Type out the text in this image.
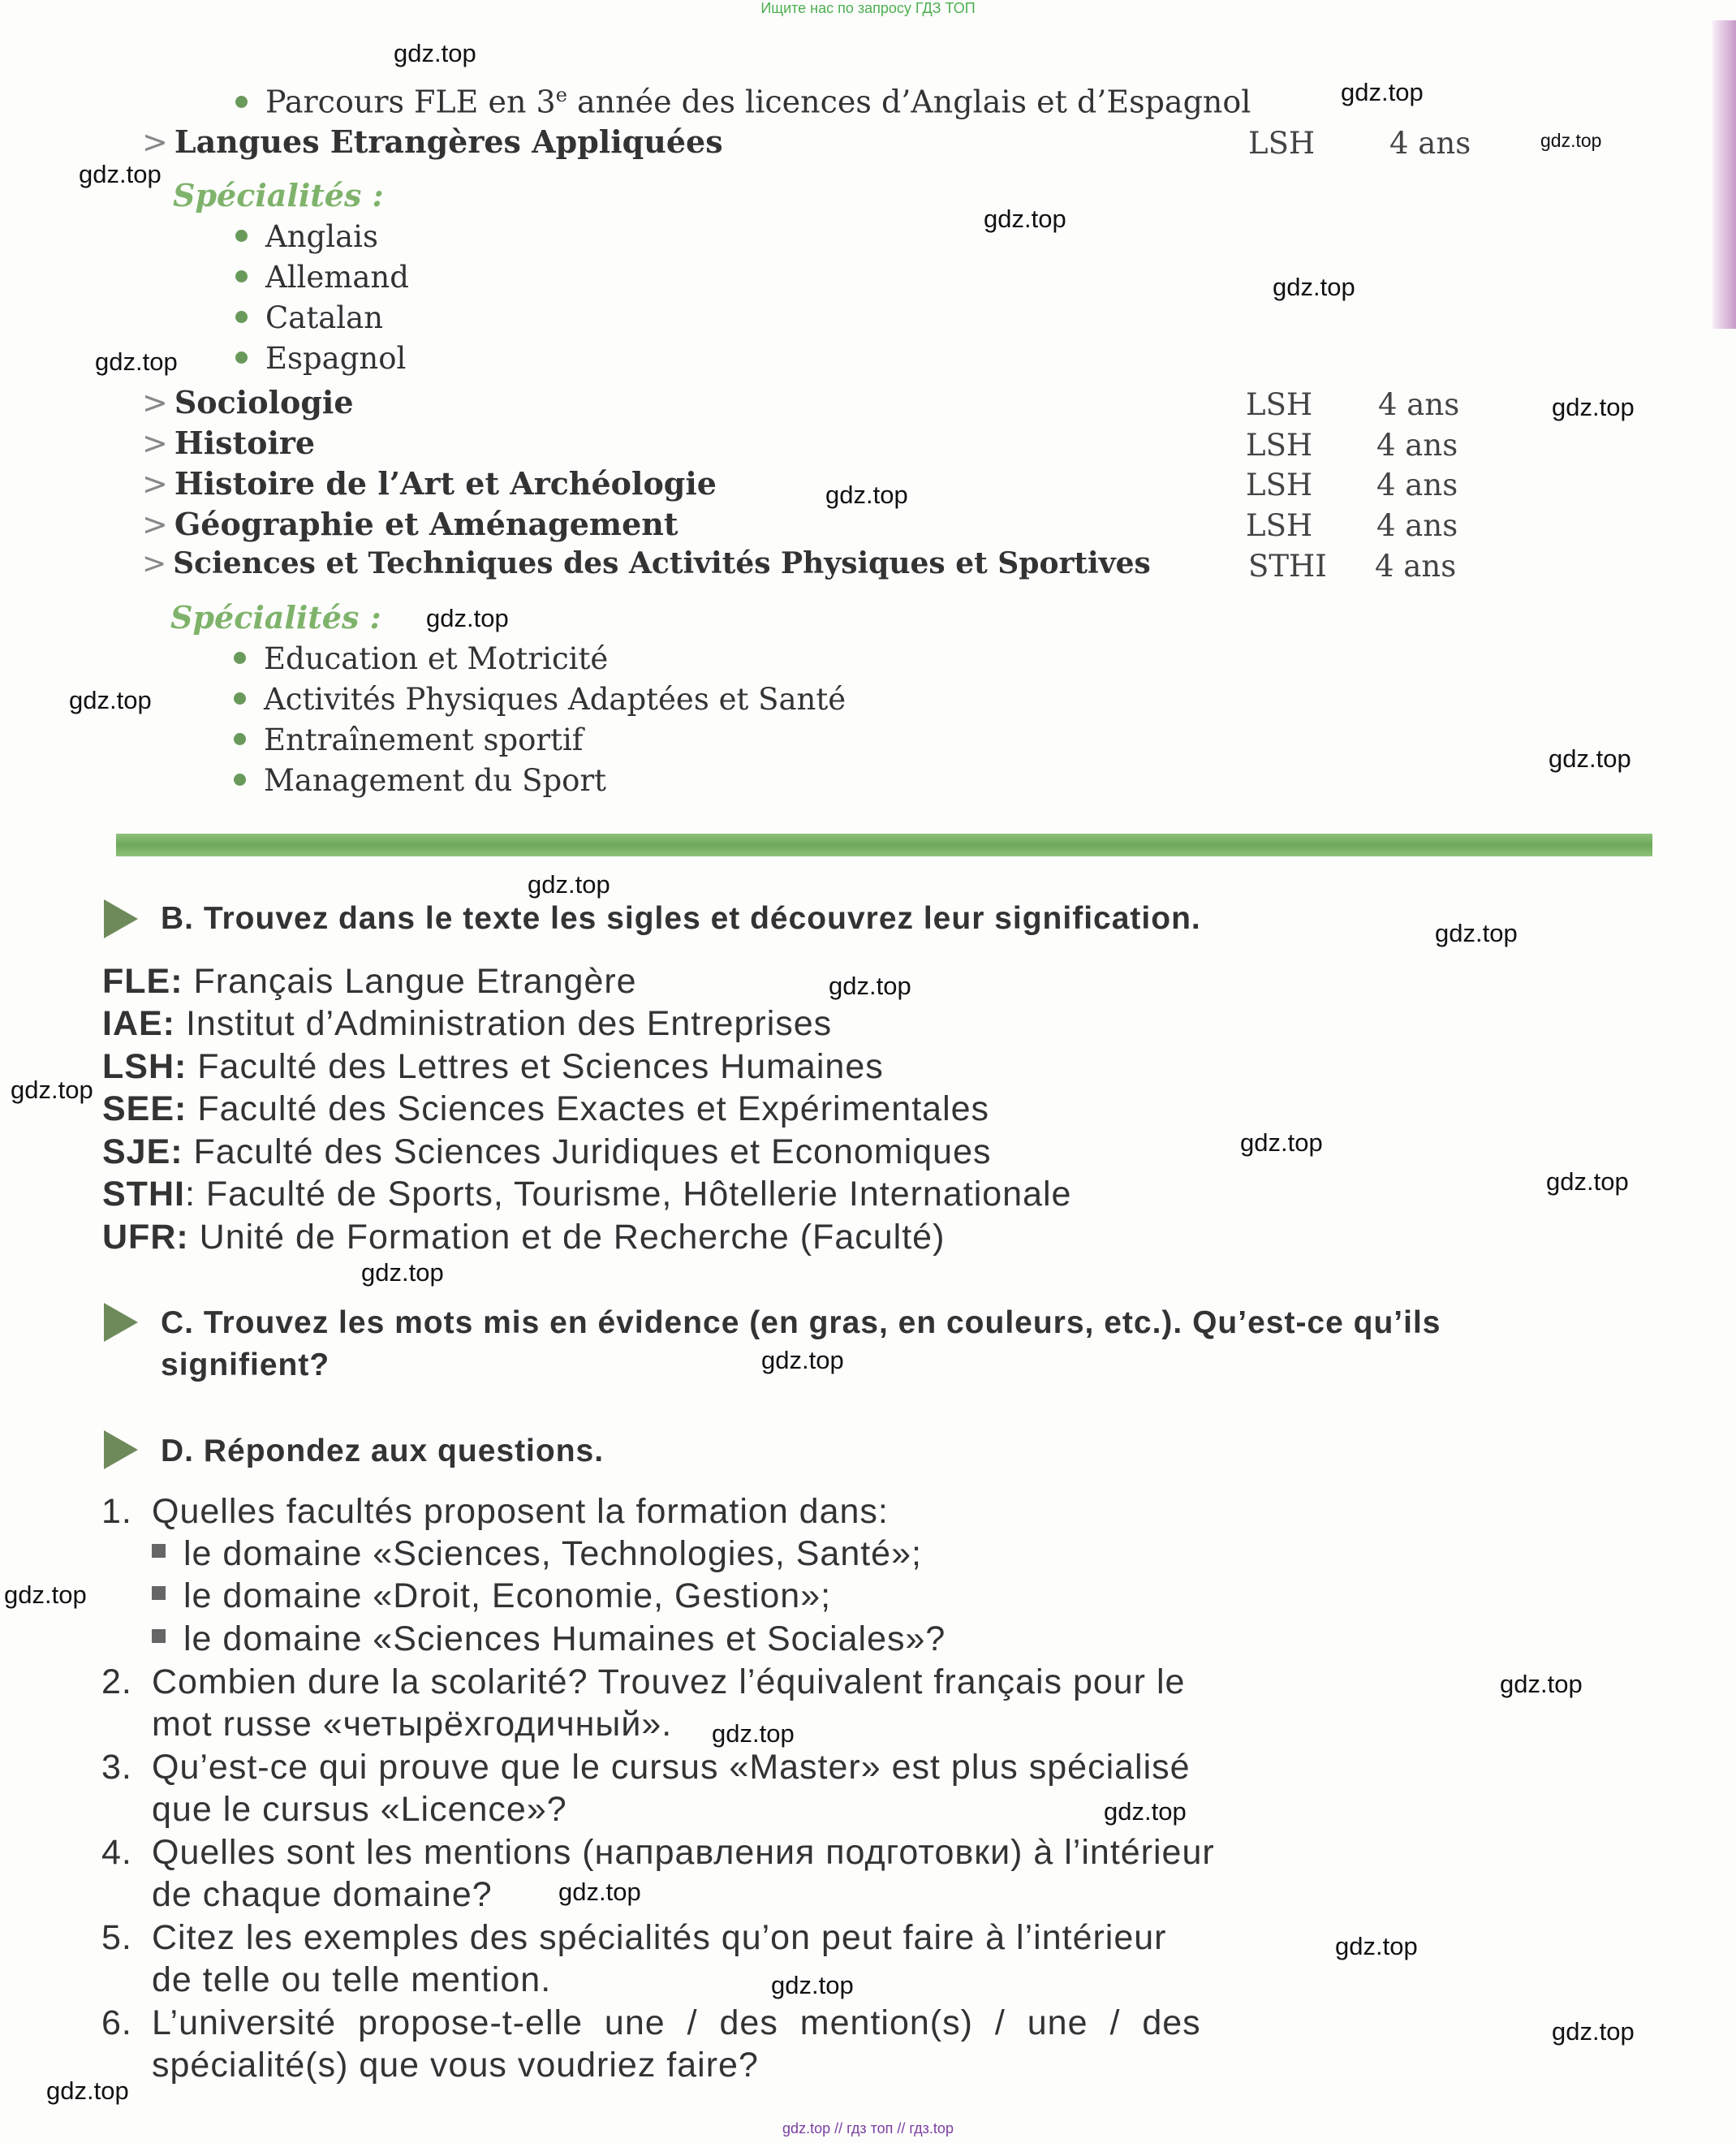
Ищите нас по запросу ГДЗ ТОП
Parcours FLE en 3e année des licences d’Anglais et d’Espagnol
> Langues Etrangères Appliquées	LSH 4 ans
Spécialités :
Anglais
Allemand
Catalan
Espagnol
> Sociologie	LSH 4 ans
> Histoire	LSH 4 ans
> Histoire de l’Art et Archéologie	LSH 4 ans
> Géographie et Aménagement	LSH 4 ans
> Sciences et Techniques des Activités Physiques et Sportives	STHI 4 ans
Spécialités :
Education et Motricité
Activités Physiques Adaptées et Santé
Entraînement sportif
Management du Sport
B. Trouvez dans le texte les sigles et découvrez leur signification.
FLE: Français Langue Etrangère
IAE: Institut d’Administration des Entreprises
LSH: Faculté des Lettres et Sciences Humaines
SEE: Faculté des Sciences Exactes et Expérimentales
SJE: Faculté des Sciences Juridiques et Economiques
STHI: Faculté de Sports, Tourisme, Hôtellerie Internationale
UFR: Unité de Formation et de Recherche (Faculté)
C. Trouvez les mots mis en évidence (en gras, en couleurs, etc.). Qu’est-ce qu’ils
signifient?
D. Répondez aux questions.
1. Quelles facultés proposent la formation dans:
le domaine «Sciences, Technologies, Santé»;
le domaine «Droit, Economie, Gestion»;
le domaine «Sciences Humaines et Sociales»?
2. Combien dure la scolarité? Trouvez l’équivalent français pour le
mot russe «четырёхгодичный».
3. Qu’est-ce qui prouve que le cursus «Master» est plus spécialisé
que le cursus «Licence»?
4. Quelles sont les mentions (направления подготовки) à l’intérieur
de chaque domaine?
5. Citez les exemples des spécialités qu’on peut faire à l’intérieur
de telle ou telle mention.
6. L’université propose-t-elle une / des mention(s) / une / des
spécialité(s) que vous voudriez faire?
gdz.top
gdz.top
gdz.top
gdz.top
gdz.top
gdz.top
gdz.top
gdz.top
gdz.top
gdz.top
gdz.top
gdz.top
gdz.top
gdz.top
gdz.top
gdz.top
gdz.top
gdz.top
gdz.top
gdz.top
gdz.top
gdz.top
gdz.top
gdz.top
gdz.top
gdz.top
gdz.top
gdz.top
gdz.top
gdz.top // гдз топ // гдз.top
